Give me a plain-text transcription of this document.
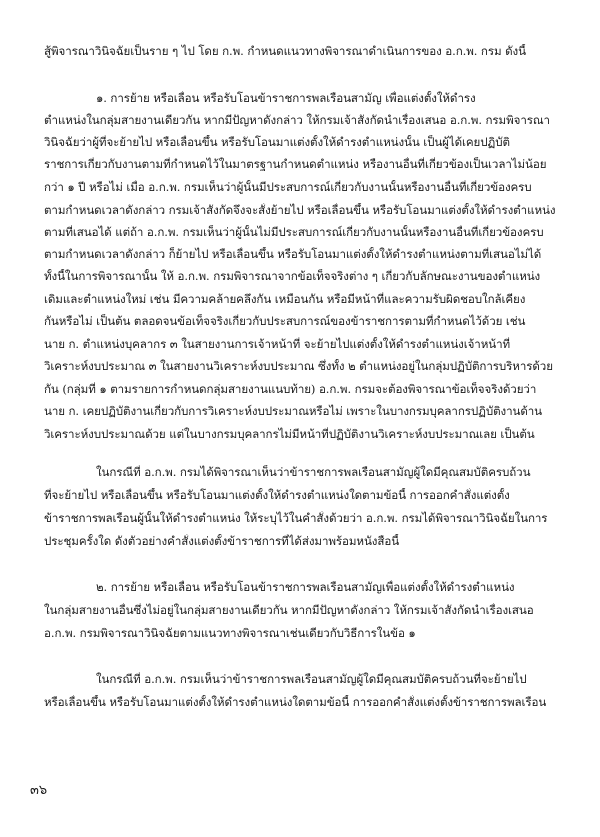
สู้พิจารณาวินิจฉัยเป็นราย ๆ ไป โดย ก.พ. กำหนดแนวทางพิจารณาดำเนินการของ อ.ก.พ. กรม ดังนี้
๑. การย้าย หรือเลื่อน หรือรับโอนข้าราชการพลเรือนสามัญ เพื่อแต่งตั้งให้ดำรง
ตำแหน่งในกลุ่มสายงานเดียวกัน หากมีปัญหาดังกล่าว ให้กรมเจ้าสังกัดนำเรื่องเสนอ อ.ก.พ. กรมพิจารณา
วินิจฉัยว่าผู้ที่จะย้ายไป หรือเลื่อนขึ้น หรือรับโอนมาแต่งตั้งให้ดำรงตำแหน่งนั้น เป็นผู้ได้เคยปฏิบัติ
ราชการเกี่ยวกับงานตามที่กำหนดไว้ในมาตรฐานกำหนดตำแหน่ง หรืองานอื่นที่เกี่ยวข้องเป็นเวลาไม่น้อย
กว่า ๑ ปี หรือไม่ เมื่อ อ.ก.พ. กรมเห็นว่าผู้นั้นมีประสบการณ์เกี่ยวกับงานนั้นหรืองานอื่นที่เกี่ยวข้องครบ
ตามกำหนดเวลาดังกล่าว กรมเจ้าสังกัดจึงจะสั่งย้ายไป หรือเลื่อนขึ้น หรือรับโอนมาแต่งตั้งให้ดำรงตำแหน่ง
ตามที่เสนอได้ แต่ถ้า อ.ก.พ. กรมเห็นว่าผู้นั้นไม่มีประสบการณ์เกี่ยวกับงานนั้นหรืองานอื่นที่เกี่ยวข้องครบ
ตามกำหนดเวลาดังกล่าว ก็ย้ายไป หรือเลื่อนขึ้น หรือรับโอนมาแต่งตั้งให้ดำรงตำแหน่งตามที่เสนอไม่ได้
ทั้งนี้ในการพิจารณานั้น ให้ อ.ก.พ. กรมพิจารณาจากข้อเท็จจริงต่าง ๆ เกี่ยวกับลักษณะงานของตำแหน่ง
เดิมและตำแหน่งใหม่ เช่น มีความคล้ายคลึงกัน เหมือนกัน หรือมีหน้าที่และความรับผิดชอบใกล้เคียง
กันหรือไม่ เป็นต้น ตลอดจนข้อเท็จจริงเกี่ยวกับประสบการณ์ของข้าราชการตามที่กำหนดไว้ด้วย เช่น
นาย ก. ตำแหน่งบุคลากร ๓ ในสายงานการเจ้าหน้าที่ จะย้ายไปแต่งตั้งให้ดำรงตำแหน่งเจ้าหน้าที่
วิเคราะห์งบประมาณ ๓ ในสายงานวิเคราะห์งบประมาณ ซึ่งทั้ง ๒ ตำแหน่งอยู่ในกลุ่มปฏิบัติการบริหารด้วย
กัน (กลุ่มที่ ๑ ตามรายการกำหนดกลุ่มสายงานแนบท้าย) อ.ก.พ. กรมจะต้องพิจารณาข้อเท็จจริงด้วยว่า
นาย ก. เคยปฏิบัติงานเกี่ยวกับการวิเคราะห์งบประมาณหรือไม่ เพราะในบางกรมบุคลากรปฏิบัติงานด้าน
วิเคราะห์งบประมาณด้วย แต่ในบางกรมบุคลากรไม่มีหน้าที่ปฏิบัติงานวิเคราะห์งบประมาณเลย เป็นต้น
ในกรณีที่ อ.ก.พ. กรมได้พิจารณาเห็นว่าข้าราชการพลเรือนสามัญผู้ใดมีคุณสมบัติครบถ้วน
ที่จะย้ายไป หรือเลื่อนขึ้น หรือรับโอนมาแต่งตั้งให้ดำรงตำแหน่งใดตามข้อนี้ การออกคำสั่งแต่งตั้ง
ข้าราชการพลเรือนผู้นั้นให้ดำรงตำแหน่ง ให้ระบุไว้ในคำสั่งด้วยว่า อ.ก.พ. กรมได้พิจารณาวินิจฉัยในการ
ประชุมครั้งใด ดังตัวอย่างคำสั่งแต่งตั้งข้าราชการที่ได้ส่งมาพร้อมหนังสือนี้
๒. การย้าย หรือเลื่อน หรือรับโอนข้าราชการพลเรือนสามัญเพื่อแต่งตั้งให้ดำรงตำแหน่ง
ในกลุ่มสายงานอื่นซึ่งไม่อยู่ในกลุ่มสายงานเดียวกัน หากมีปัญหาดังกล่าว ให้กรมเจ้าสังกัดนำเรื่องเสนอ
อ.ก.พ. กรมพิจารณาวินิจฉัยตามแนวทางพิจารณาเช่นเดียวกับวิธีการในข้อ ๑
ในกรณีที่ อ.ก.พ. กรมเห็นว่าข้าราชการพลเรือนสามัญผู้ใดมีคุณสมบัติครบถ้วนที่จะย้ายไป
หรือเลื่อนขึ้น หรือรับโอนมาแต่งตั้งให้ดำรงตำแหน่งใดตามข้อนี้ การออกคำสั่งแต่งตั้งข้าราชการพลเรือน
๓๖
